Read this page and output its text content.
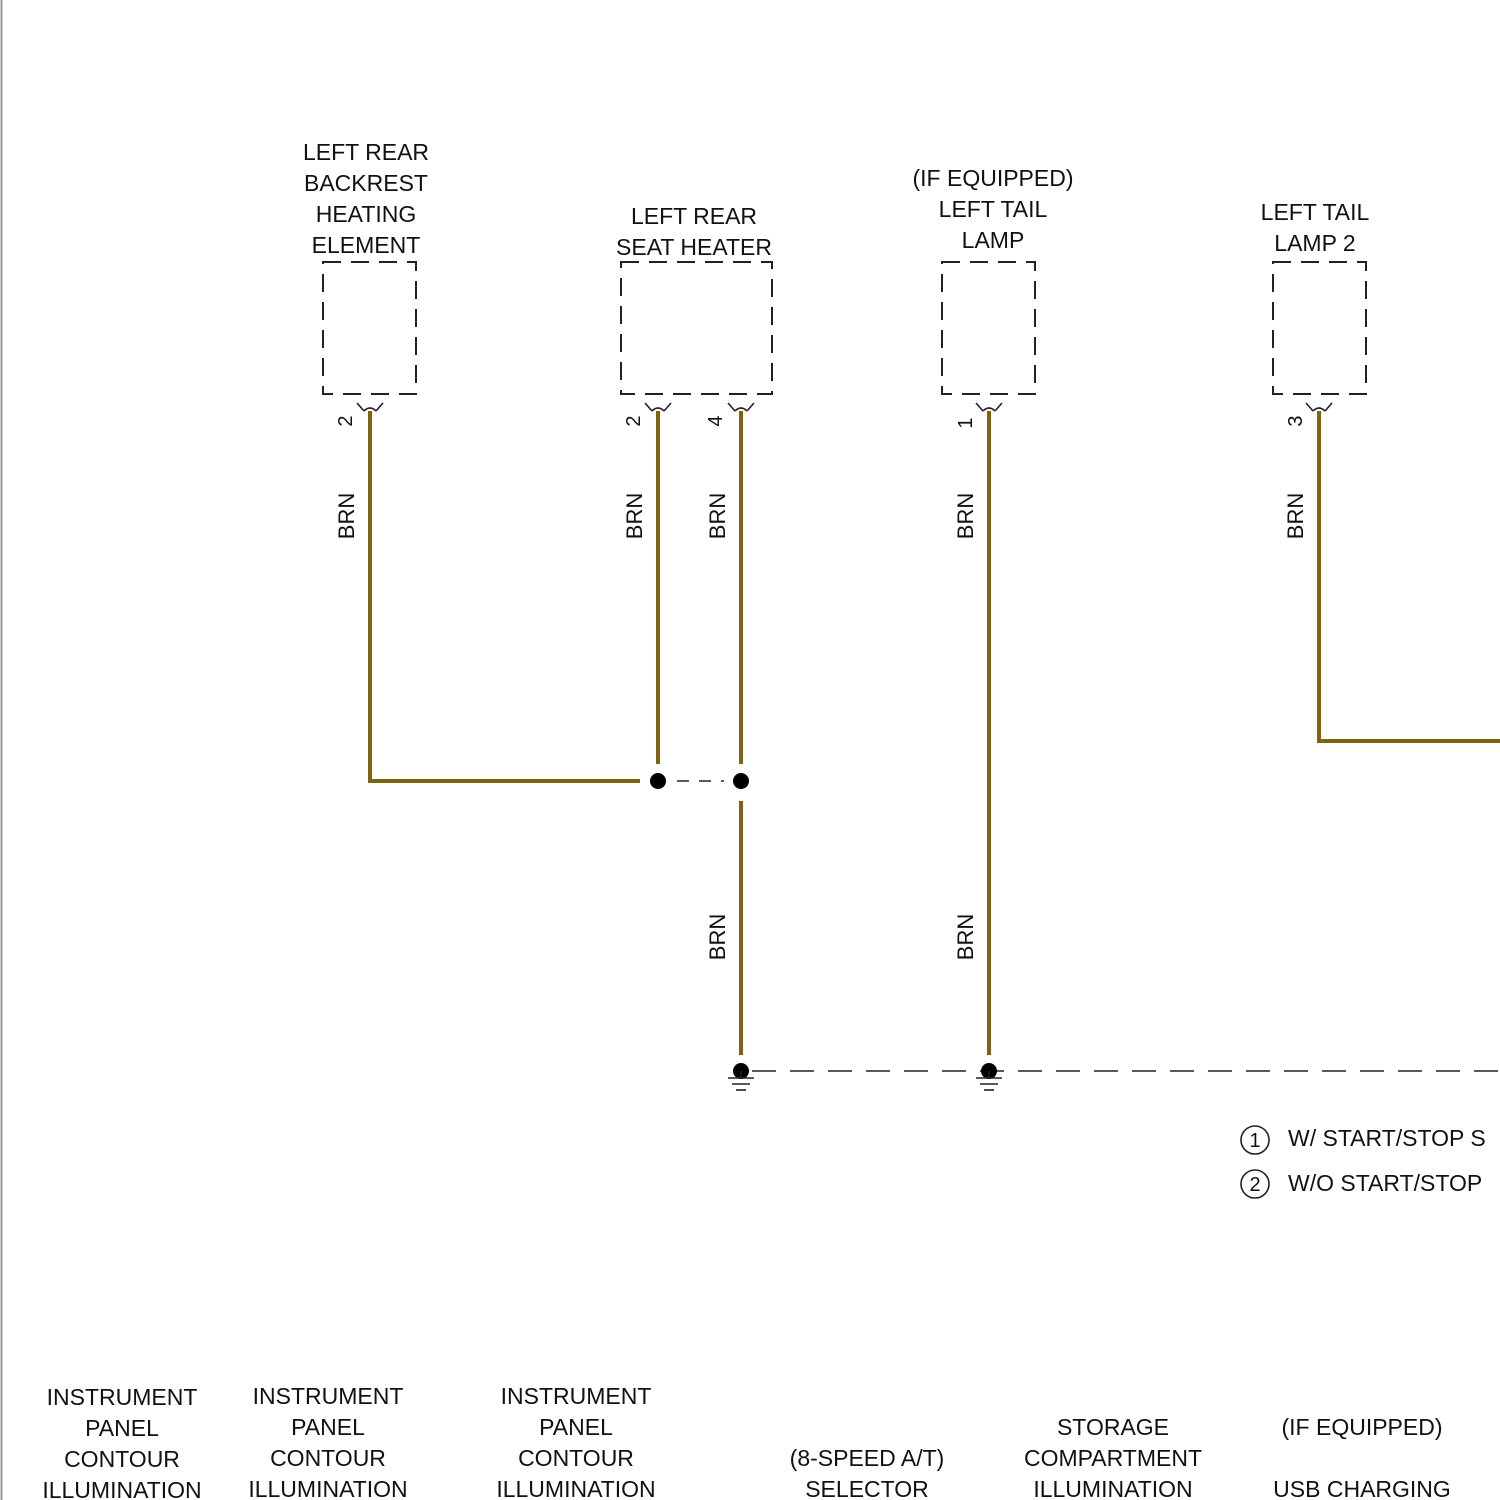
LEFT REAR
BACKREST
HEATING
ELEMENT
LEFT REAR
SEAT HEATER
(IF EQUIPPED)
LEFT TAIL
LAMP
LEFT TAIL
LAMP 2
2	2	4	1	3
BRN	BRN	BRN	BRN	BRN
BRN	BRN
1 W/ START/STOP S
2 W/O START/STOP
INSTRUMENT
PANEL
CONTOUR
ILLUMINATION
INSTRUMENT
PANEL
CONTOUR
ILLUMINATION
INSTRUMENT
PANEL
CONTOUR
ILLUMINATION
(8-SPEED A/T)
SELECTOR
STORAGE
COMPARTMENT
ILLUMINATION
(IF EQUIPPED)
USB CHARGING
